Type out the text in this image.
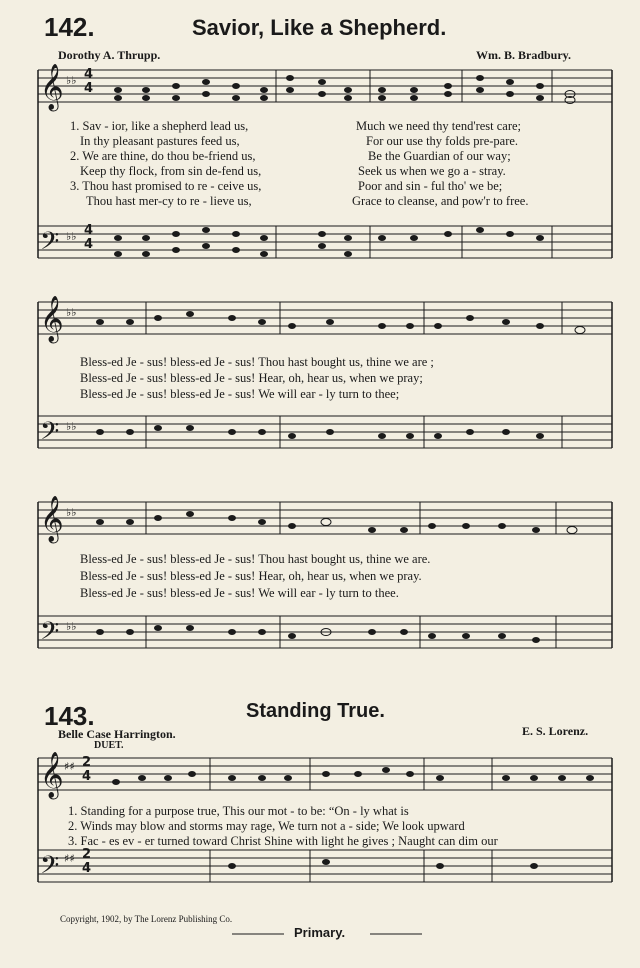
142.	Savior, Like a Shepherd.
Dorothy A. Thrupp.	Wm. B. Bradbury.
𝄞
𝄢
𝄞
𝄢
𝄞
𝄢
𝄞
𝄢
♭♭
♭♭
♭♭
♭♭
♭♭
♭♭
♯♯
♯♯
4
4
4
4
2
4
2
4
1. Sav - ior, like a shepherd lead us,	Much we need thy tend'rest care;
In thy pleasant pastures feed us,	For our use thy folds pre-pare.
2. We are thine, do thou be-friend us,	Be the Guardian of our way;
Keep thy flock, from sin de-fend us,	Seek us when we go a - stray.
3. Thou hast promised to re - ceive us,	Poor and sin - ful tho' we be;
Thou hast mer-cy to re - lieve us,	Grace to cleanse, and pow'r to free.
Bless-ed Je - sus! bless-ed Je - sus! Thou hast bought us, thine we are ;
Bless-ed Je - sus! bless-ed Je - sus! Hear, oh, hear us, when we pray;
Bless-ed Je - sus! bless-ed Je - sus! We will ear - ly turn to thee;
Bless-ed Je - sus! bless-ed Je - sus! Thou hast bought us, thine we are.
Bless-ed Je - sus! bless-ed Je - sus! Hear, oh, hear us, when we pray.
Bless-ed Je - sus! bless-ed Je - sus! We will ear - ly turn to thee.
143.	Standing True.
Belle Case Harrington.	E. S. Lorenz.
DUET.
1. Standing for a purpose true, This our mot - to be: “On - ly what is
2. Winds may blow and storms may rage, We turn not a - side; We look upward
3. Fac - es ev - er turned toward Christ Shine with light he gives ; Naught can dim our
Copyright, 1902, by The Lorenz Publishing Co.
Primary.
